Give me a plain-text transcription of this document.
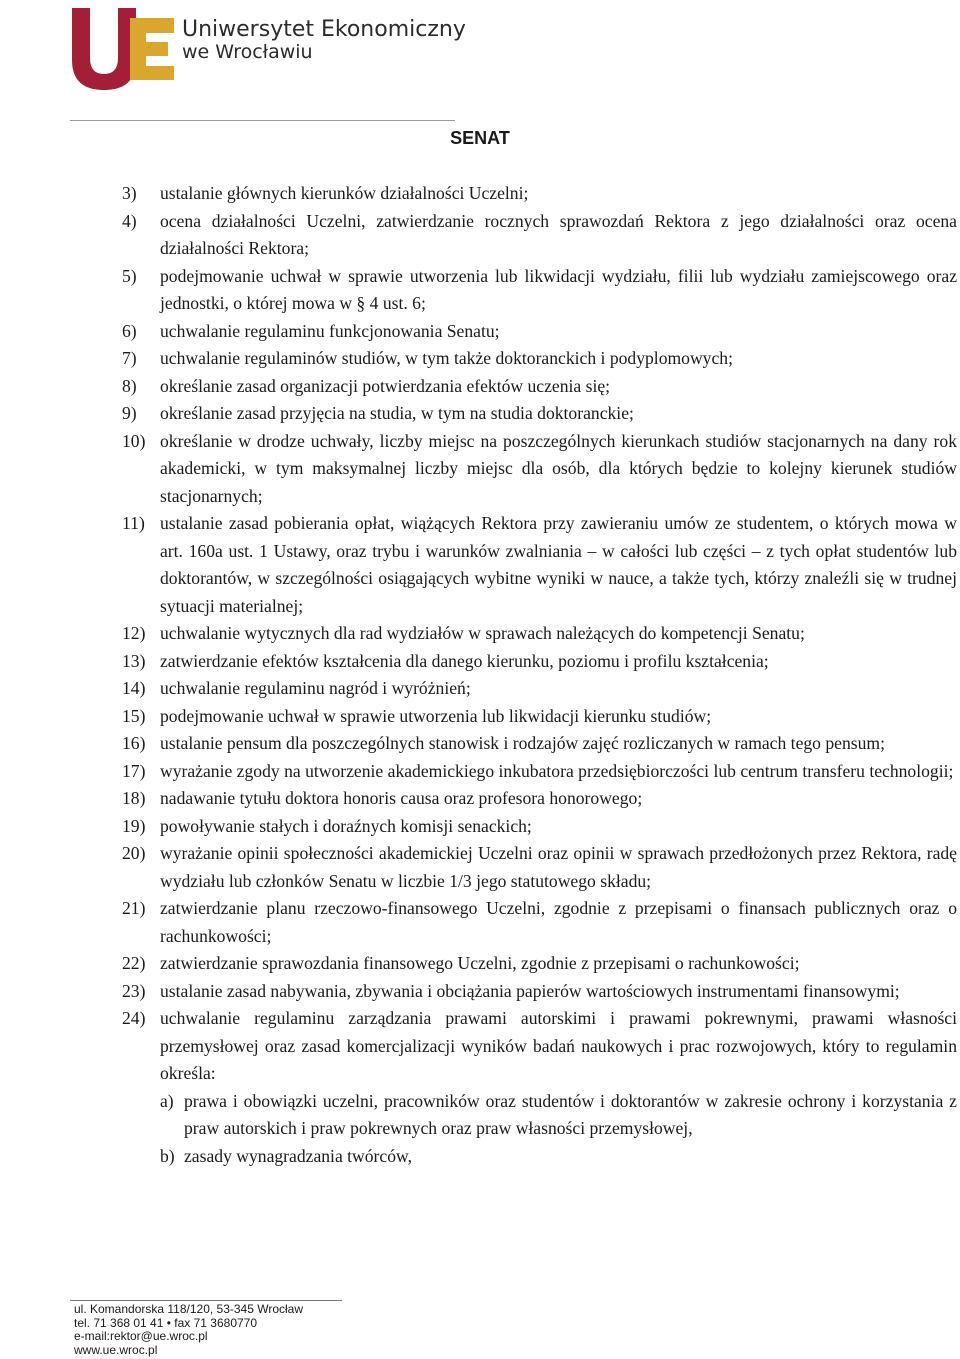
Uniwersytet Ekonomiczny
we Wrocławiu
SENAT
3)	ustalanie głównych kierunków działalności Uczelni;
4)	ocena działalności Uczelni, zatwierdzanie rocznych sprawozdań Rektora z jego działalności oraz ocena działalności Rektora;
5)	podejmowanie uchwał w sprawie utworzenia lub likwidacji wydziału, filii lub wydziału zamiejscowego oraz jednostki, o której mowa w § 4 ust. 6;
6)	uchwalanie regulaminu funkcjonowania Senatu;
7)	uchwalanie regulaminów studiów, w tym także doktoranckich i podyplomowych;
8)	określanie zasad organizacji potwierdzania efektów uczenia się;
9)	określanie zasad przyjęcia na studia, w tym na studia doktoranckie;
10) określanie w drodze uchwały, liczby miejsc na poszczególnych kierunkach studiów stacjonarnych na dany rok akademicki, w tym maksymalnej liczby miejsc dla osób, dla których będzie to kolejny kierunek studiów stacjonarnych;
11) ustalanie zasad pobierania opłat, wiążących Rektora przy zawieraniu umów ze studentem, o których mowa w art. 160a ust. 1 Ustawy, oraz trybu i warunków zwalniania – w całości lub części – z tych opłat studentów lub doktorantów, w szczególności osiągających wybitne wyniki w nauce, a także tych, którzy znaleźli się w trudnej sytuacji materialnej;
12) uchwalanie wytycznych dla rad wydziałów w sprawach należących do kompetencji Senatu;
13) zatwierdzanie efektów kształcenia dla danego kierunku, poziomu i profilu kształcenia;
14) uchwalanie regulaminu nagród i wyróżnień;
15) podejmowanie uchwał w sprawie utworzenia lub likwidacji kierunku studiów;
16) ustalanie pensum dla poszczególnych stanowisk i rodzajów zajęć rozliczanych w ramach tego pensum;
17) wyrażanie zgody na utworzenie akademickiego inkubatora przedsiębiorczości lub centrum transferu technologii;
18) nadawanie tytułu doktora honoris causa oraz profesora honorowego;
19) powoływanie stałych i doraźnych komisji senackich;
20) wyrażanie opinii społeczności akademickiej Uczelni oraz opinii w sprawach przedłożonych przez Rektora, radę wydziału lub członków Senatu w liczbie 1/3 jego statutowego składu;
21) zatwierdzanie planu rzeczowo-finansowego Uczelni, zgodnie z przepisami o finansach publicznych oraz o rachunkowości;
22) zatwierdzanie sprawozdania finansowego Uczelni, zgodnie z przepisami o rachunkowości;
23) ustalanie zasad nabywania, zbywania i obciążania papierów wartościowych instrumentami finansowymi;
24) uchwalanie regulaminu zarządzania prawami autorskimi i prawami pokrewnymi, prawami własności przemysłowej oraz zasad komercjalizacji wyników badań naukowych i prac rozwojowych, który to regulamin określa:
a) prawa i obowiązki uczelni, pracowników oraz studentów i doktorantów w zakresie ochrony i korzystania z praw autorskich i praw pokrewnych oraz praw własności przemysłowej,
b) zasady wynagradzania twórców,
ul. Komandorska 118/120, 53-345 Wrocław
tel. 71 368 01 41 • fax 71 3680770
e-mail:rektor@ue.wroc.pl
www.ue.wroc.pl
